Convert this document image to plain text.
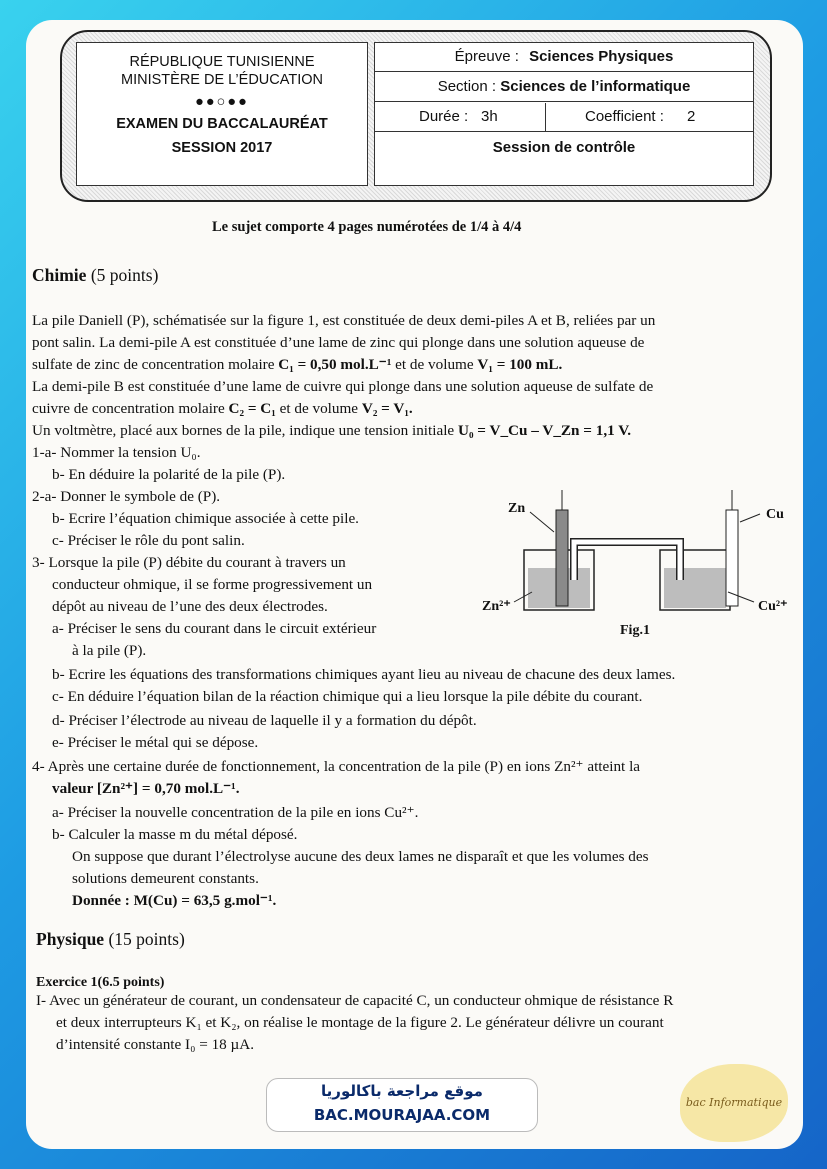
RÉPUBLIQUE TUNISIENNE
MINISTÈRE DE L’ÉDUCATION
●●○●●
EXAMEN DU BACCALAURÉAT
SESSION 2017
Épreuve : Sciences Physiques
Section : Sciences de l’informatique
Durée : 3h	Coefficient : 2
Session de contrôle
Le sujet comporte 4 pages numérotées de 1/4 à 4/4
Chimie (5 points)
La pile Daniell (P), schématisée sur la figure 1, est constituée de deux demi-piles A et B, reliées par un
pont salin. La demi-pile A est constituée d’une lame de zinc qui plonge dans une solution aqueuse de
sulfate de zinc de concentration molaire C₁ = 0,50 mol.L⁻¹ et de volume V₁ = 100 mL.
La demi-pile B est constituée d’une lame de cuivre qui plonge dans une solution aqueuse de sulfate de
cuivre de concentration molaire C₂ = C₁ et de volume V₂ = V₁.
Un voltmètre, placé aux bornes de la pile, indique une tension initiale U₀ = V_Cu – V_Zn = 1,1 V.
1-a- Nommer la tension U₀.
b- En déduire la polarité de la pile (P).
2-a- Donner le symbole de (P).
b- Ecrire l’équation chimique associée à cette pile.
c- Préciser le rôle du pont salin.
3- Lorsque la pile (P) débite du courant à travers un
conducteur ohmique, il se forme progressivement un
dépôt au niveau de l’une des deux électrodes.
a- Préciser le sens du courant dans le circuit extérieur
à la pile (P).
b- Ecrire les équations des transformations chimiques ayant lieu au niveau de chacune des deux lames.
c- En déduire l’équation bilan de la réaction chimique qui a lieu lorsque la pile débite du courant.
d- Préciser l’électrode au niveau de laquelle il y a formation du dépôt.
e- Préciser le métal qui se dépose.
4- Après une certaine durée de fonctionnement, la concentration de la pile (P) en ions Zn²⁺ atteint la
valeur [Zn²⁺] = 0,70 mol.L⁻¹.
a- Préciser la nouvelle concentration de la pile en ions Cu²⁺.
b- Calculer la masse m du métal déposé.
On suppose que durant l’électrolyse aucune des deux lames ne disparaît et que les volumes des
solutions demeurent constants.
Donnée : M(Cu) = 63,5 g.mol⁻¹.
Zn	Cu
Zn²⁺	Cu²⁺
Fig.1
Physique (15 points)
Exercice 1(6.5 points)
I- Avec un générateur de courant, un condensateur de capacité C, un conducteur ohmique de résistance R
et deux interrupteurs K₁ et K₂, on réalise le montage de la figure 2. Le générateur délivre un courant
d’intensité constante I₀ = 18 µA.
موقع مراجعة باكالوريا
BAC.MOURAJAA.COM
bac Informatique
